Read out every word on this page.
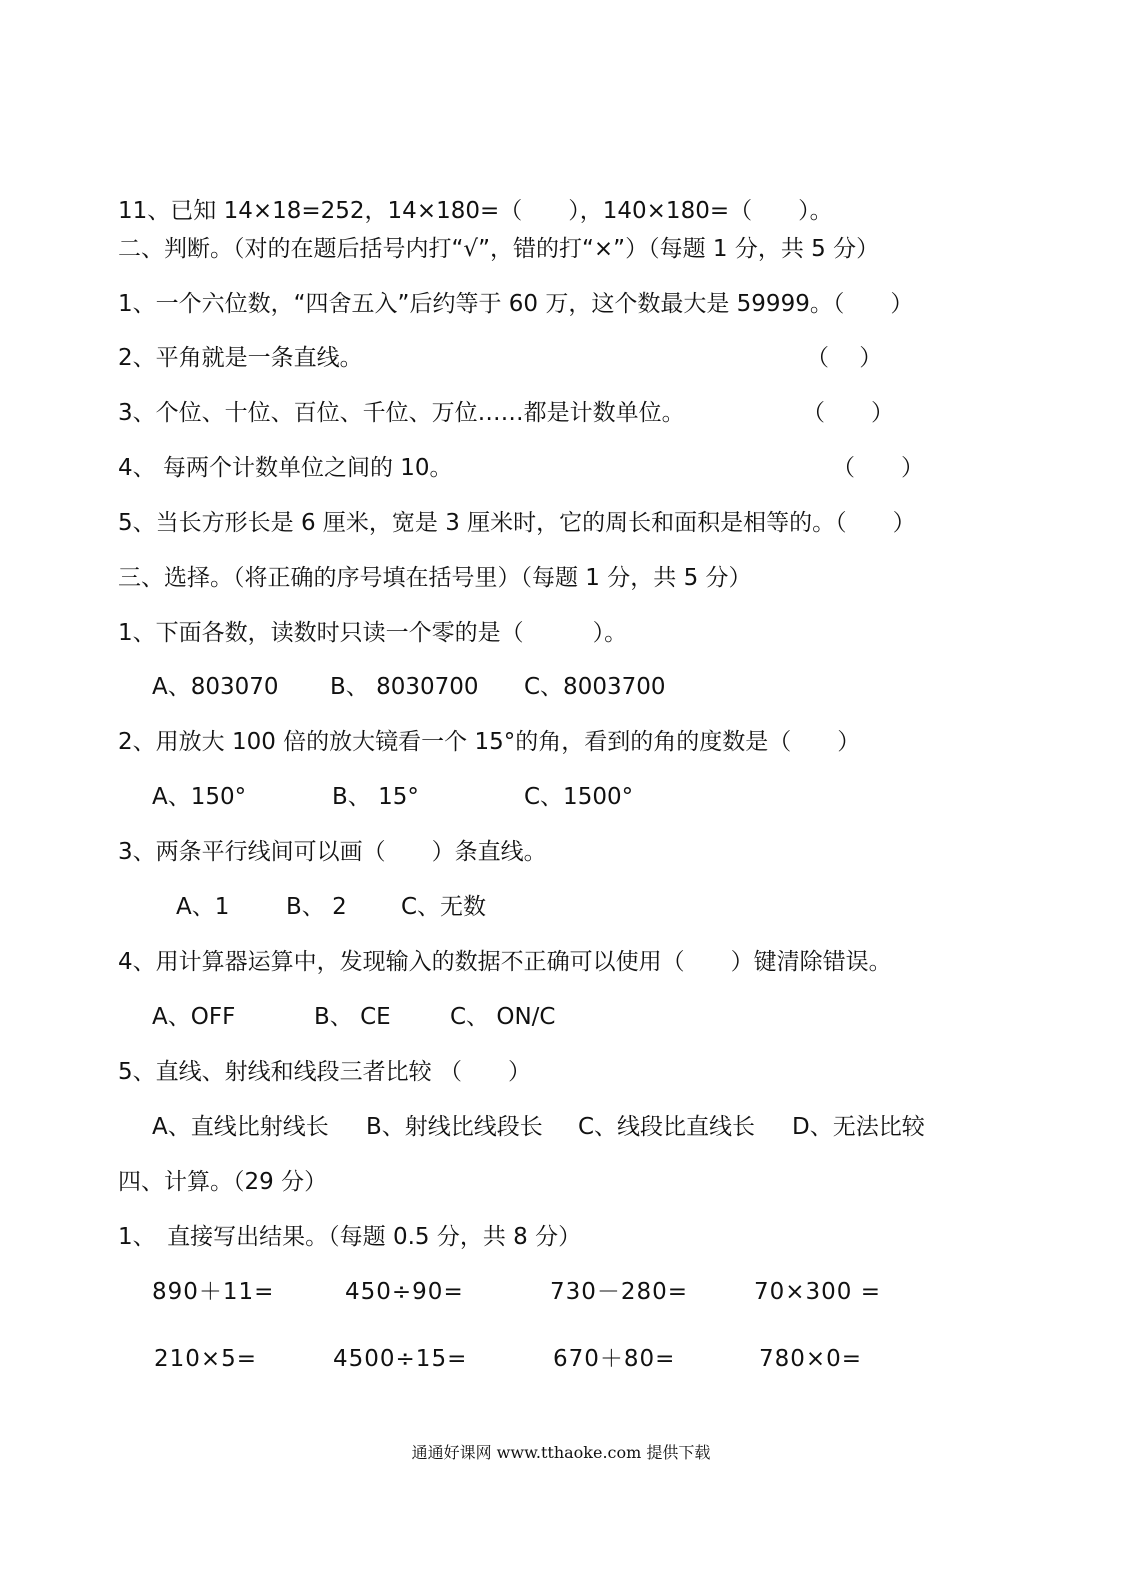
11、已知 14×18=252，14×180=（　　），140×180=（　　）。
二、判断。（对的在题后括号内打“√”，错的打“×”）（每题 1 分，共 5 分）
1、一个六位数，“四舍五入”后约等于 60 万，这个数最大是 59999。（　　）
2、平角就是一条直线。	（　 ）
3、个位、十位、百位、千位、万位……都是计数单位。	（　　）
4、 每两个计数单位之间的 10。	（　　）
5、当长方形长是 6 厘米，宽是 3 厘米时，它的周长和面积是相等的。（　　）
三、选择。（将正确的序号填在括号里）（每题 1 分，共 5 分）
1、下面各数，读数时只读一个零的是（　　　）。
A、803070 B、 8030700 C、8003700
2、用放大 100 倍的放大镜看一个 15°的角，看到的角的度数是（　　）
A、150°	B、 15°	C、1500°
3、两条平行线间可以画（　　）条直线。
A、1 B、 2 C、无数
4、用计算器运算中，发现输入的数据不正确可以使用（　　）键清除错误。
A、OFF	B、 CE	C、 ON/C
5、直线、射线和线段三者比较 （　　）
A、直线比射线长 B、射线比线段长 C、线段比直线长 D、无法比较
四、计算。（29 分）
1、　直接写出结果。（每题 0.5 分，共 8 分）
890＋11=	450÷90=	730－280=	70×300 =
210×5=	4500÷15=	670＋80=	780×0=
通通好课网 www.tthaoke.com 提供下载
